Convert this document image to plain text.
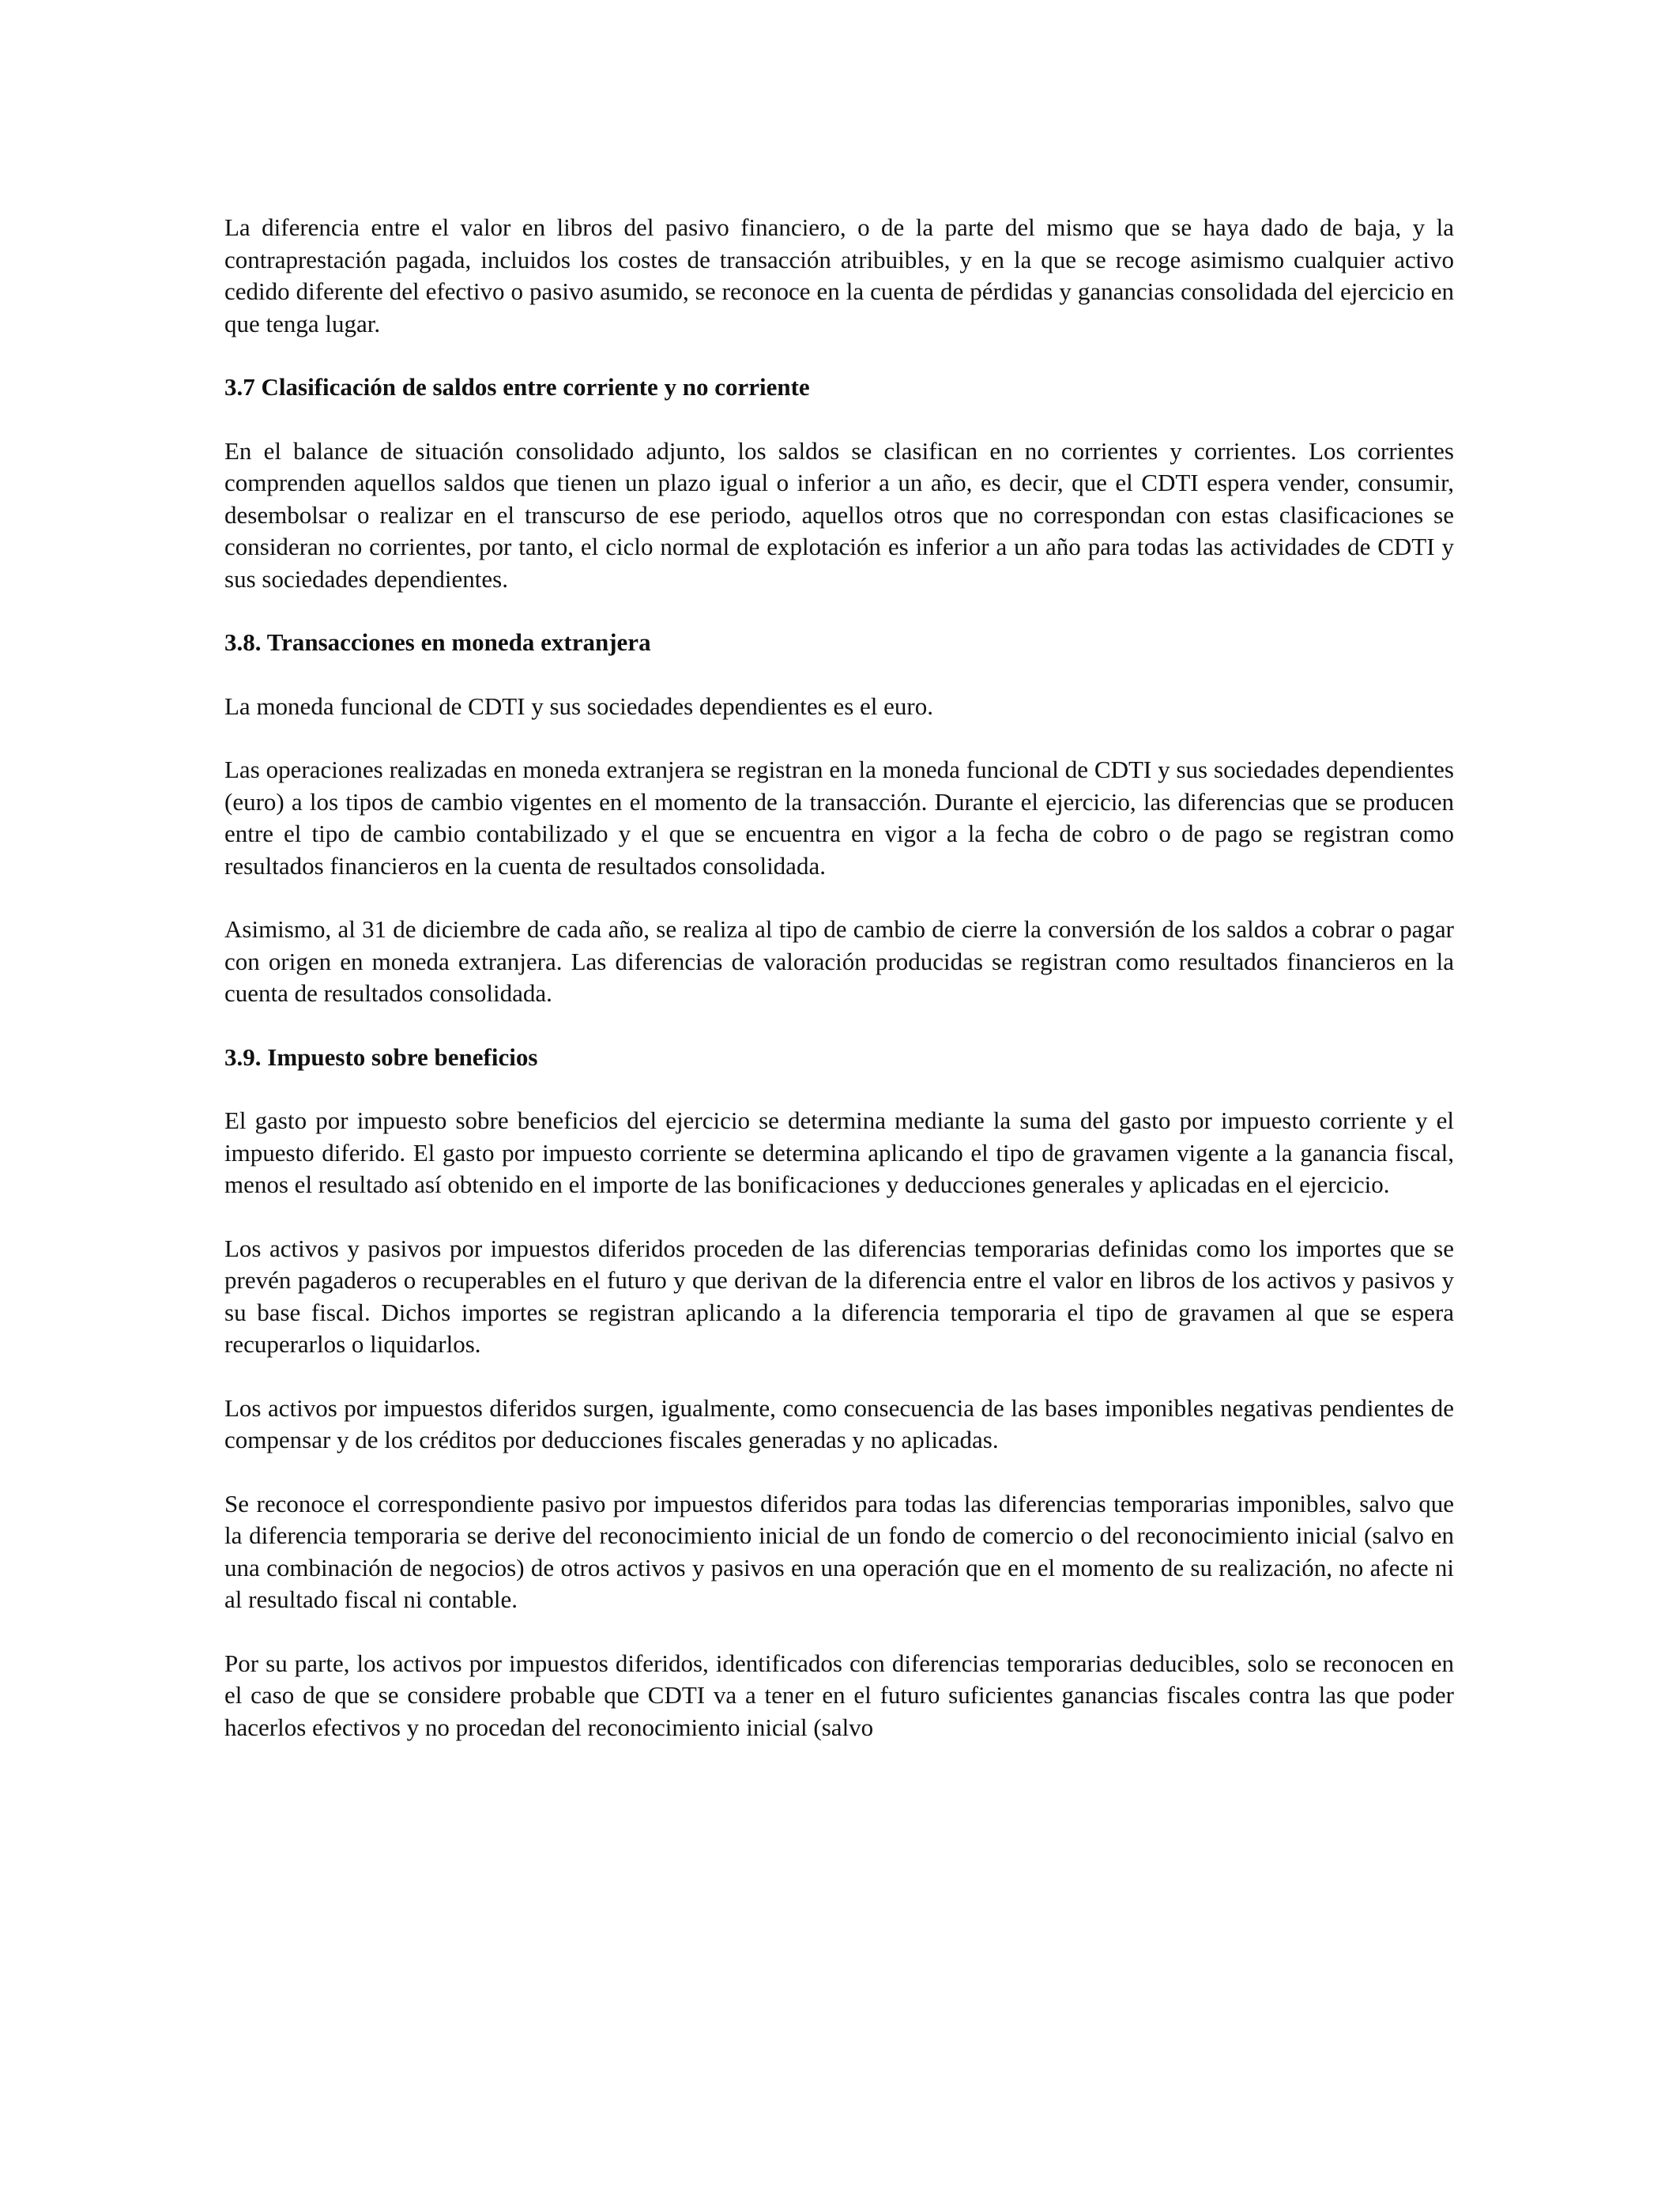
La diferencia entre el valor en libros del pasivo financiero, o de la parte del mismo que se haya dado de baja, y la contraprestación pagada, incluidos los costes de transacción atribuibles, y en la que se recoge asimismo cualquier activo cedido diferente del efectivo o pasivo asumido, se reconoce en la cuenta de pérdidas y ganancias consolidada del ejercicio en que tenga lugar.

3.7 Clasificación de saldos entre corriente y no corriente

En el balance de situación consolidado adjunto, los saldos se clasifican en no corrientes y corrientes. Los corrientes comprenden aquellos saldos que tienen un plazo igual o inferior a un año, es decir, que el CDTI espera vender, consumir, desembolsar o realizar en el transcurso de ese periodo, aquellos otros que no correspondan con estas clasificaciones se consideran no corrientes, por tanto, el ciclo normal de explotación es inferior a un año para todas las actividades de CDTI y sus sociedades dependientes.

3.8. Transacciones en moneda extranjera

La moneda funcional de CDTI y sus sociedades dependientes es el euro.

Las operaciones realizadas en moneda extranjera se registran en la moneda funcional de CDTI y sus sociedades dependientes (euro) a los tipos de cambio vigentes en el momento de la transacción. Durante el ejercicio, las diferencias que se producen entre el tipo de cambio contabilizado y el que se encuentra en vigor a la fecha de cobro o de pago se registran como resultados financieros en la cuenta de resultados consolidada.

Asimismo, al 31 de diciembre de cada año, se realiza al tipo de cambio de cierre la conversión de los saldos a cobrar o pagar con origen en moneda extranjera. Las diferencias de valoración producidas se registran como resultados financieros en la cuenta de resultados consolidada.

3.9. Impuesto sobre beneficios

El gasto por impuesto sobre beneficios del ejercicio se determina mediante la suma del gasto por impuesto corriente y el impuesto diferido. El gasto por impuesto corriente se determina aplicando el tipo de gravamen vigente a la ganancia fiscal, menos el resultado así obtenido en el importe de las bonificaciones y deducciones generales y aplicadas en el ejercicio.

Los activos y pasivos por impuestos diferidos proceden de las diferencias temporarias definidas como los importes que se prevén pagaderos o recuperables en el futuro y que derivan de la diferencia entre el valor en libros de los activos y pasivos y su base fiscal. Dichos importes se registran aplicando a la diferencia temporaria el tipo de gravamen al que se espera recuperarlos o liquidarlos.

Los activos por impuestos diferidos surgen, igualmente, como consecuencia de las bases imponibles negativas pendientes de compensar y de los créditos por deducciones fiscales generadas y no aplicadas.

Se reconoce el correspondiente pasivo por impuestos diferidos para todas las diferencias temporarias imponibles, salvo que la diferencia temporaria se derive del reconocimiento inicial de un fondo de comercio o del reconocimiento inicial (salvo en una combinación de negocios) de otros activos y pasivos en una operación que en el momento de su realización, no afecte ni al resultado fiscal ni contable.

Por su parte, los activos por impuestos diferidos, identificados con diferencias temporarias deducibles, solo se reconocen en el caso de que se considere probable que CDTI va a tener en el futuro suficientes ganancias fiscales contra las que poder hacerlos efectivos y no procedan del reconocimiento inicial (salvo
